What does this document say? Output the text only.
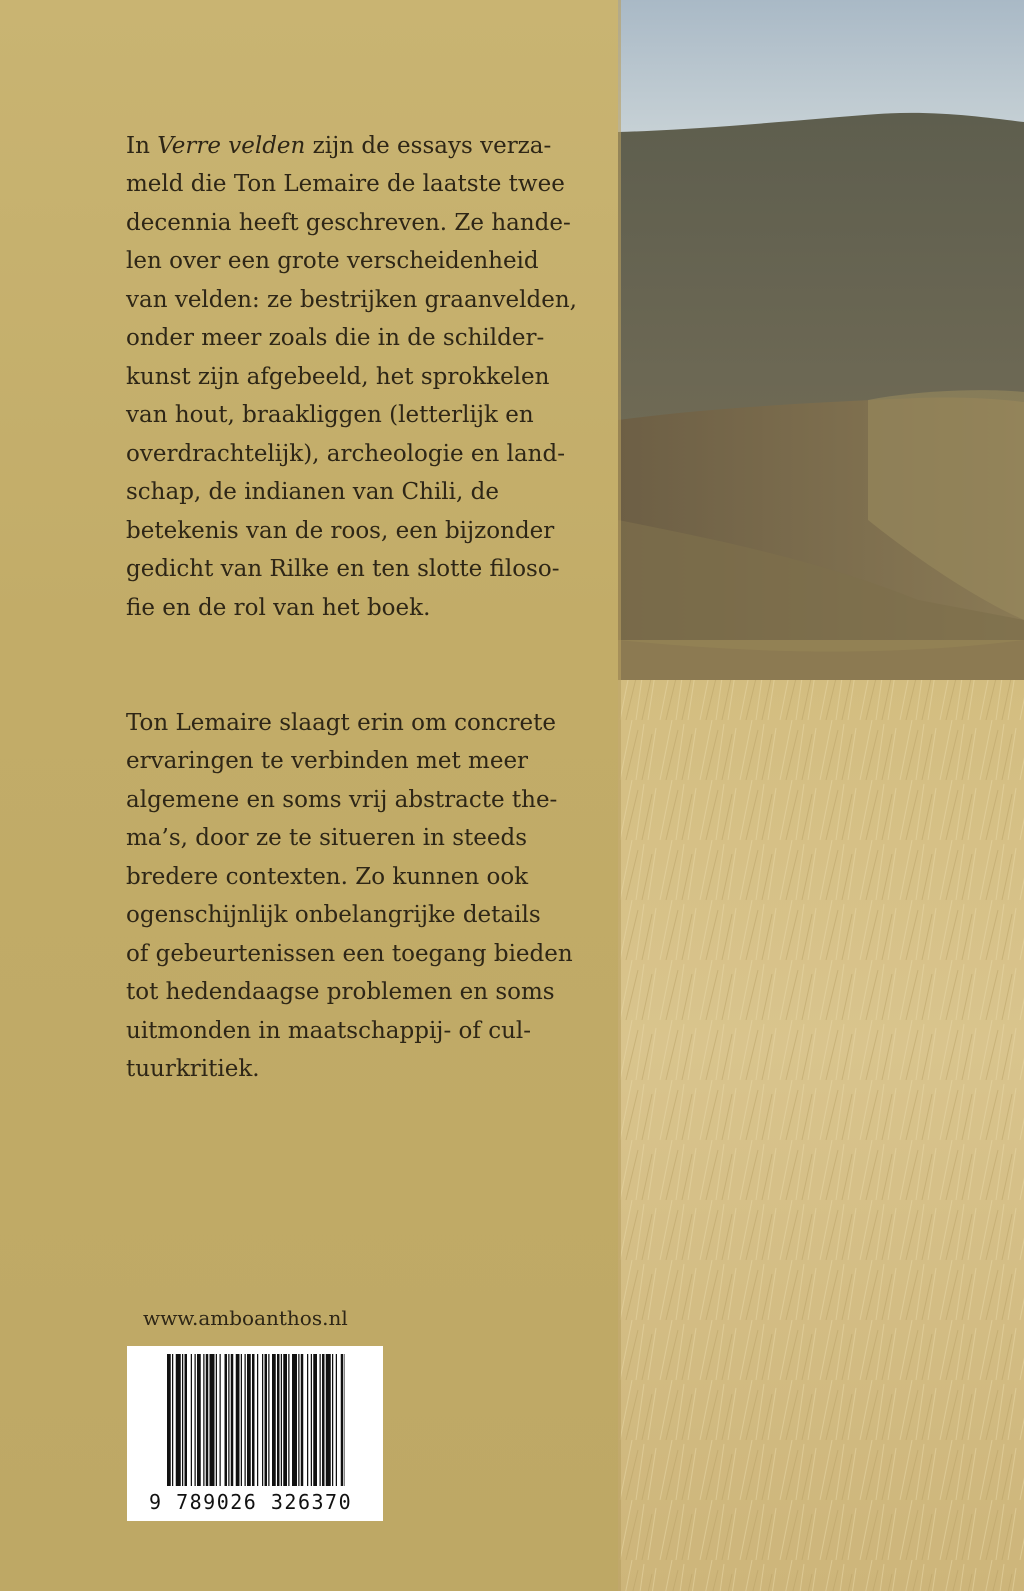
In Verre velden zijn de essays verza-
meld die Ton Lemaire de laatste twee
decennia heeft geschreven. Ze hande-
len over een grote verscheidenheid
van velden: ze bestrijken graanvelden,
onder meer zoals die in de schilder-
kunst zijn afgebeeld, het sprokkelen
van hout, braakliggen (letterlijk en
overdrachtelijk), archeologie en land-
schap, de indianen van Chili, de
betekenis van de roos, een bijzonder
gedicht van Rilke en ten slotte filoso-
fie en de rol van het boek.

Ton Lemaire slaagt erin om concrete
ervaringen te verbinden met meer
algemene en soms vrij abstracte the-
ma’s, door ze te situeren in steeds
bredere contexten. Zo kunnen ook
ogenschijnlijk onbelangrijke details
of gebeurtenissen een toegang bieden
tot hedendaagse problemen en soms
uitmonden in maatschappij- of cul-
tuurkritiek.

www.amboanthos.nl
9 789026 326370
